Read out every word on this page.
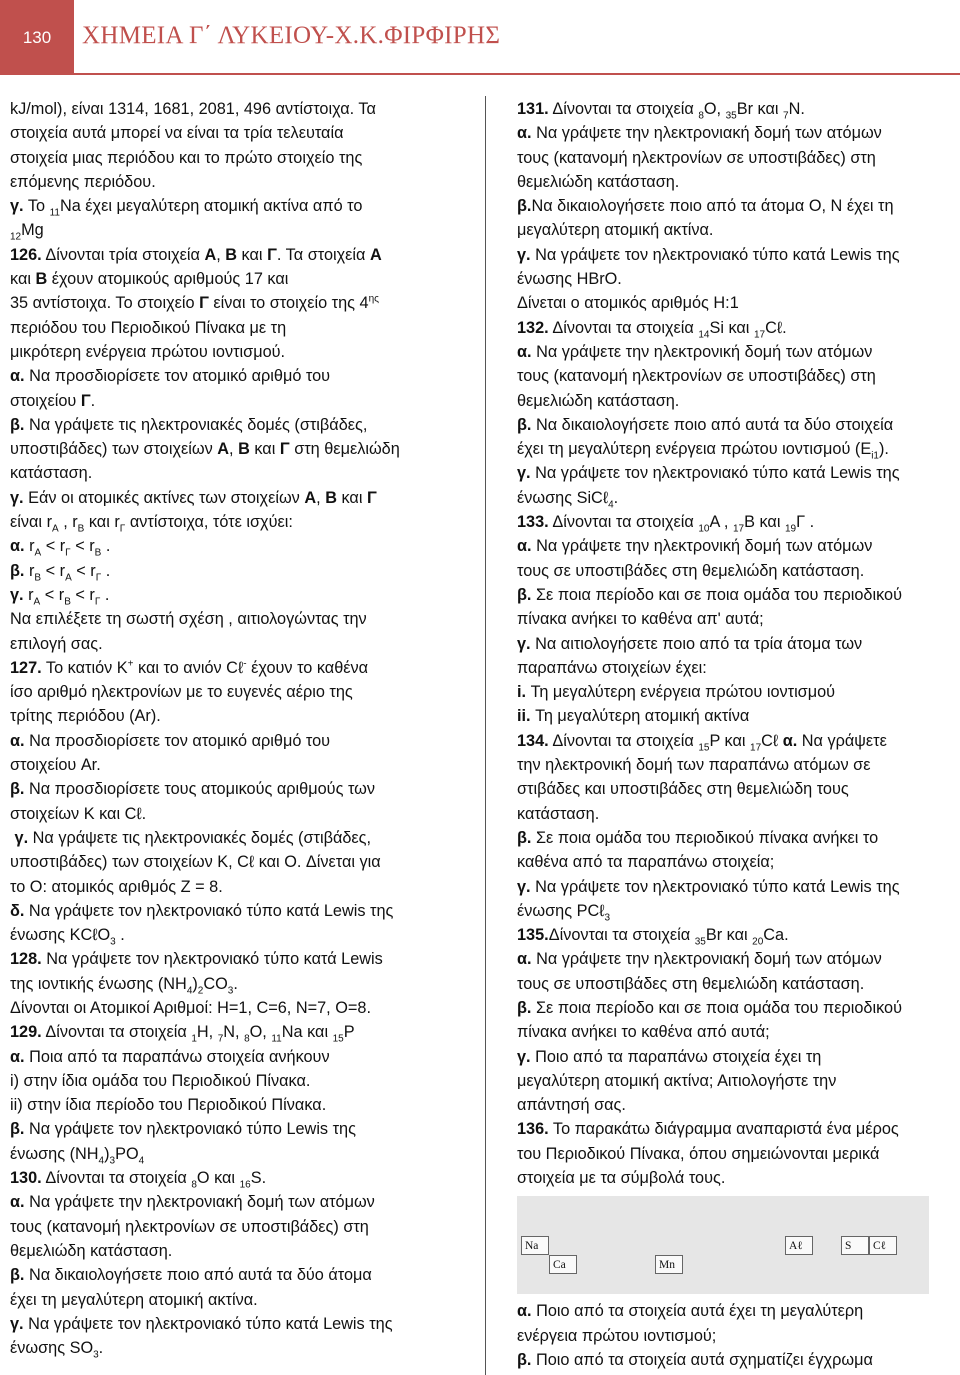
130	ΧΗΜΕΙΑ Γ΄ ΛΥΚΕΙΟΥ-Χ.Κ.ΦΙΡΦΙΡΗΣ

kJ/mol), είναι 1314, 1681, 2081, 496 αντίστοιχα. Τα

στοιχεία αυτά μπορεί να είναι τα τρία τελευταία

στοιχεία μιας περιόδου και το πρώτο στοιχείο της

επόμενης περιόδου.

γ. Το $_{11}$Na έχει μεγαλύτερη ατομική ακτίνα από το

$_{12}$Mg

126. Δίνονται τρία στοιχεία Α, Β και Γ. Τα στοιχεία Α

και Β έχουν ατομικούς αριθμούς 17 και

35 αντίστοιχα. Το στοιχείο Γ είναι το στοιχείο της $4^{\eta\varsigma}$

περιόδου του Περιοδικού Πίνακα με τη

μικρότερη ενέργεια πρώτου ιοντισμού.

α. Να προσδιορίσετε τον ατομικό αριθμό του

στοιχείου Γ.

β. Να γράψετε τις ηλεκτρονιακές δομές (στιβάδες,

υποστιβάδες) των στοιχείων Α, Β και Γ στη θεμελιώδη

κατάσταση.

γ. Εάν οι ατομικές ακτίνες των στοιχείων Α, Β και Γ

είναι $r_A$ , $r_B$ και $r_\Gamma$ αντίστοιχα, τότε ισχύει:

α. $r_A < r_\Gamma < r_B$ .

β. $r_B < r_A < r_\Gamma$ .

γ. $r_A < r_B < r_\Gamma$ .

Να επιλέξετε τη σωστή σχέση , αιτιολογώντας την

επιλογή σας.

127. Το κατιόν K+ και το ανιόν Cℓ- έχουν το καθένα

ίσο αριθμό ηλεκτρονίων με το ευγενές αέριο της

τρίτης περιόδου (Ar).

α. Να προσδιορίσετε τον ατομικό αριθμό του

στοιχείου Ar.

β. Να προσδιορίσετε τους ατομικούς αριθμούς των

στοιχείων K και Cℓ.

γ. Να γράψετε τις ηλεκτρονιακές δομές (στιβάδες,

υποστιβάδες) των στοιχείων K, Cℓ και O. Δίνεται για

το O: ατομικός αριθμός Z = 8.

δ. Να γράψετε τον ηλεκτρονιακό τύπο κατά Lewis της

ένωσης KCℓO$_3$ .

128. Να γράψετε τον ηλεκτρονιακό τύπο κατά Lewis

της ιοντικής ένωσης $(NH_4)_2CO_3$.

Δίνονται οι Ατομικοί Αριθμοί: H=1, C=6, N=7, O=8.

129. Δίνονται τα στοιχεία $_1$H, $_7$N, $_8$O, $_{11}$Na και $_{15}$P

α. Ποια από τα παραπάνω στοιχεία ανήκουν

i) στην ίδια ομάδα του Περιοδικού Πίνακα.

ii) στην ίδια περίοδο του Περιοδικού Πίνακα.

β. Να γράψετε τον ηλεκτρονιακό τύπο Lewis της

ένωσης $(NH_4)_3PO_4$

130. Δίνονται τα στοιχεία $_8$O και $_{16}$S.

α. Να γράψετε την ηλεκτρονιακή δομή των ατόμων

τους (κατανομή ηλεκτρονίων σε υποστιβάδες) στη

θεμελιώδη κατάσταση.

β. Να δικαιολογήσετε ποιο από αυτά τα δύο άτομα

έχει τη μεγαλύτερη ατομική ακτίνα.

γ. Να γράψετε τον ηλεκτρονιακό τύπο κατά Lewis της

ένωσης $SO_3$.

131. Δίνονται τα στοιχεία $_8$O, $_{35}$Br και $_7$N.

α. Να γράψετε την ηλεκτρονιακή δομή των ατόμων

τους (κατανομή ηλεκτρονίων σε υποστιβάδες) στη

θεμελιώδη κατάσταση.

β.Να δικαιολογήσετε ποιο από τα άτομα O, N έχει τη

μεγαλύτερη ατομική ακτίνα.

γ. Να γράψετε τον ηλεκτρονιακό τύπο κατά Lewis της

ένωσης HBrO.

Δίνεται ο ατομικός αριθμός H:1

132. Δίνονται τα στοιχεία $_{14}$Si και $_{17}$Cℓ.

α. Να γράψετε την ηλεκτρονική δομή των ατόμων

τους (κατανομή ηλεκτρονίων σε υποστιβάδες) στη

θεμελιώδη κατάσταση.

β. Να δικαιολογήσετε ποιο από αυτά τα δύο στοιχεία

έχει τη μεγαλύτερη ενέργεια πρώτου ιοντισμού $(E_{i1})$.

γ. Να γράψετε τον ηλεκτρονιακό τύπο κατά Lewis της

ένωσης SiCℓ$_4$.

133. Δίνονται τα στοιχεία $_{10}$A , $_{17}$B και $_{19}$Γ .

α. Να γράψετε την ηλεκτρονική δομή των ατόμων

τους σε υποστιβάδες στη θεμελιώδη κατάσταση.

β. Σε ποια περίοδο και σε ποια ομάδα του περιοδικού

πίνακα ανήκει το καθένα απ' αυτά;

γ. Να αιτιολογήσετε ποιο από τα τρία άτομα των

παραπάνω στοιχείων έχει:

i. Τη μεγαλύτερη ενέργεια πρώτου ιοντισμού

ii. Τη μεγαλύτερη ατομική ακτίνα

134. Δίνονται τα στοιχεία $_{15}$P και $_{17}$Cℓ α. Να γράψετε

την ηλεκτρονική δομή των παραπάνω ατόμων σε

στιβάδες και υποστιβάδες στη θεμελιώδη τους

κατάσταση.

β. Σε ποια ομάδα του περιοδικού πίνακα ανήκει το

καθένα από τα παραπάνω στοιχεία;

γ. Να γράψετε τον ηλεκτρονιακό τύπο κατά Lewis της

ένωσης PCℓ$_3$

135.Δίνονται τα στοιχεία $_{35}$Br και $_{20}$Ca.

α. Να γράψετε την ηλεκτρονιακή δομή των ατόμων

τους σε υποστιβάδες στη θεμελιώδη κατάσταση.

β. Σε ποια περίοδο και σε ποια ομάδα του περιοδικού

πίνακα ανήκει το καθένα από αυτά;

γ. Ποιο από τα παραπάνω στοιχεία έχει τη

μεγαλύτερη ατομική ακτίνα; Αιτιολογήστε την

απάντησή σας.

136. Το παρακάτω διάγραμμα αναπαριστά ένα μέρος

του Περιοδικού Πίνακα, όπου σημειώνονται μερικά

στοιχεία με τα σύμβολά τους.

Na	Aℓ	S	Cℓ
Ca	Mn

α. Ποιο από τα στοιχεία αυτά έχει τη μεγαλύτερη

ενέργεια πρώτου ιοντισμού;

β. Ποιο από τα στοιχεία αυτά σχηματίζει έγχρωμα
